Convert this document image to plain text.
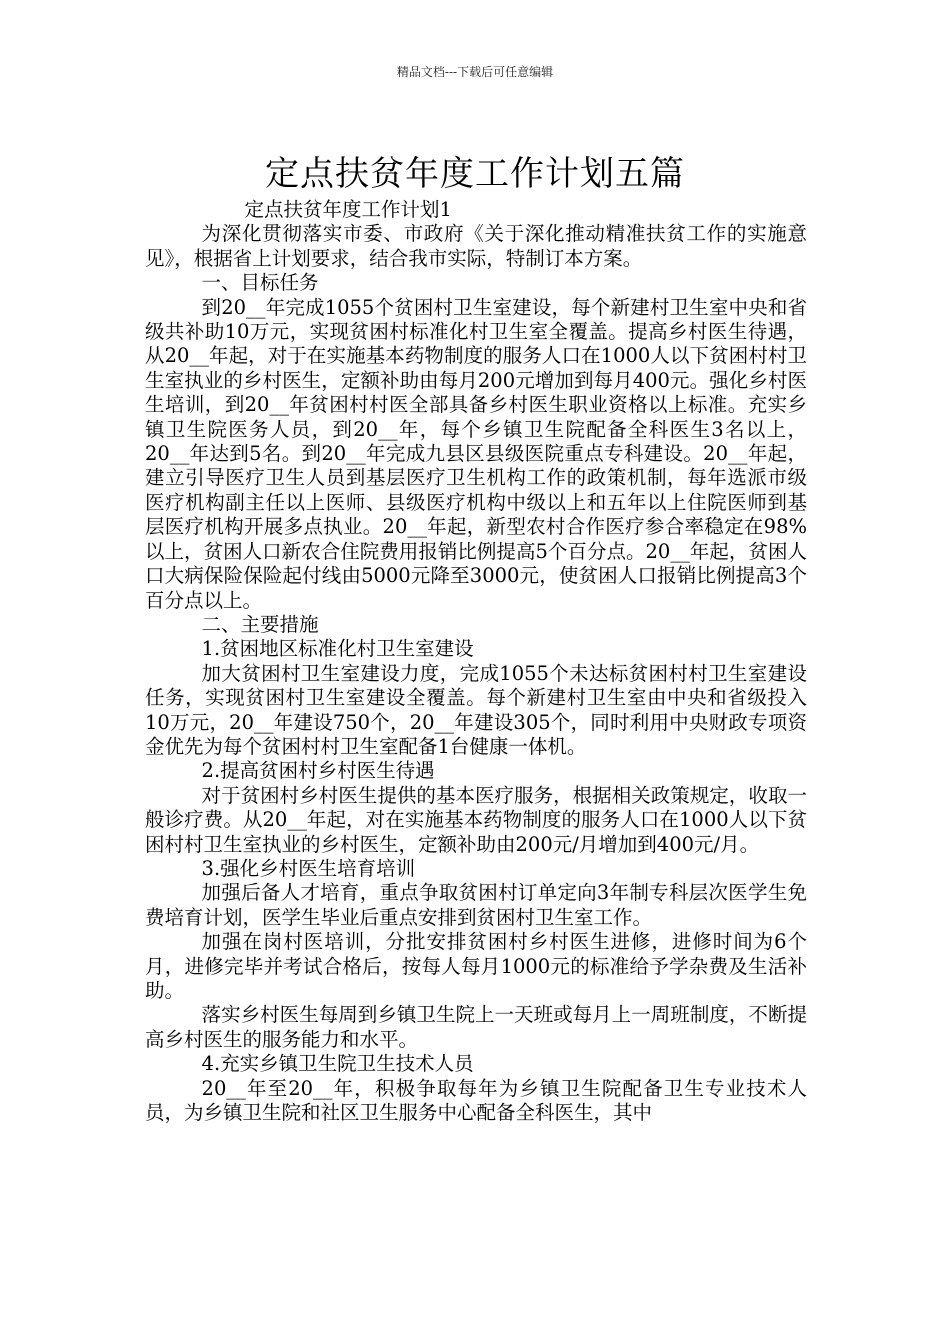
精品文档---下载后可任意编辑
定点扶贫年度工作计划五篇

定点扶贫年度工作计划1

为深化贯彻落实市委、市政府《关于深化推动精准扶贫工作的实施意见》，根据省上计划要求，结合我市实际，特制订本方案。

一、目标任务

到20__年完成1055个贫困村卫生室建设，每个新建村卫生室中央和省级共补助10万元，实现贫困村标准化村卫生室全覆盖。提高乡村医生待遇，从20__年起，对于在实施基本药物制度的服务人口在1000人以下贫困村村卫生室执业的乡村医生，定额补助由每月200元增加到每月400元。强化乡村医生培训，到20__年贫困村村医全部具备乡村医生职业资格以上标准。充实乡镇卫生院医务人员，到20__年，每个乡镇卫生院配备全科医生3名以上，20__年达到5名。到20__年完成九县区县级医院重点专科建设。20__年起，建立引导医疗卫生人员到基层医疗卫生机构工作的政策机制，每年选派市级医疗机构副主任以上医师、县级医疗机构中级以上和五年以上住院医师到基层医疗机构开展多点执业。20__年起，新型农村合作医疗参合率稳定在98%以上，贫困人口新农合住院费用报销比例提高5个百分点。20__年起，贫困人口大病保险保险起付线由5000元降至3000元，使贫困人口报销比例提高3个百分点以上。

二、主要措施

1.贫困地区标准化村卫生室建设

加大贫困村卫生室建设力度，完成1055个未达标贫困村村卫生室建设任务，实现贫困村卫生室建设全覆盖。每个新建村卫生室由中央和省级投入10万元，20__年建设750个，20__年建设305个，同时利用中央财政专项资金优先为每个贫困村村卫生室配备1台健康一体机。

2.提高贫困村乡村医生待遇

对于贫困村乡村医生提供的基本医疗服务，根据相关政策规定，收取一般诊疗费。从20__年起，对在实施基本药物制度的服务人口在1000人以下贫困村村卫生室执业的乡村医生，定额补助由200元/月增加到400元/月。

3.强化乡村医生培育培训

加强后备人才培育，重点争取贫困村订单定向3年制专科层次医学生免费培育计划，医学生毕业后重点安排到贫困村卫生室工作。

加强在岗村医培训，分批安排贫困村乡村医生进修，进修时间为6个月，进修完毕并考试合格后，按每人每月1000元的标准给予学杂费及生活补助。

落实乡村医生每周到乡镇卫生院上一天班或每月上一周班制度，不断提高乡村医生的服务能力和水平。

4.充实乡镇卫生院卫生技术人员

20__年至20__年，积极争取每年为乡镇卫生院配备卫生专业技术人员，为乡镇卫生院和社区卫生服务中心配备全科医生，其中
